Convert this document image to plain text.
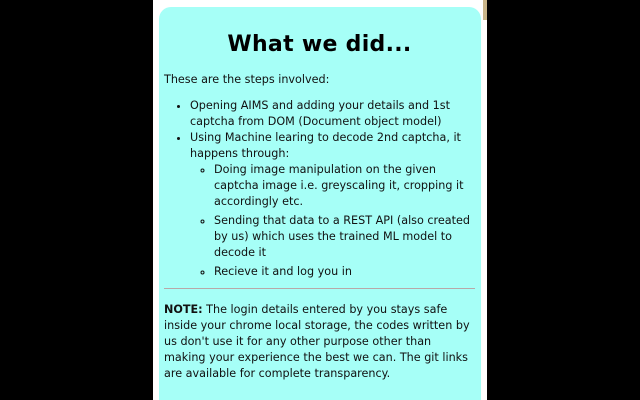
What we did...

These are the steps involved:

• Opening AIMS and adding your details and 1st captcha from DOM (Document object model)
• Using Machine learing to decode 2nd captcha, it happens through:
◦ Doing image manipulation on the given captcha image i.e. greyscaling it, cropping it accordingly etc.
◦ Sending that data to a REST API (also created by us) which uses the trained ML model to decode it
◦ Recieve it and log you in

NOTE: The login details entered by you stays safe inside your chrome local storage, the codes written by us don't use it for any other purpose other than making your experience the best we can. The git links are available for complete transparency.
